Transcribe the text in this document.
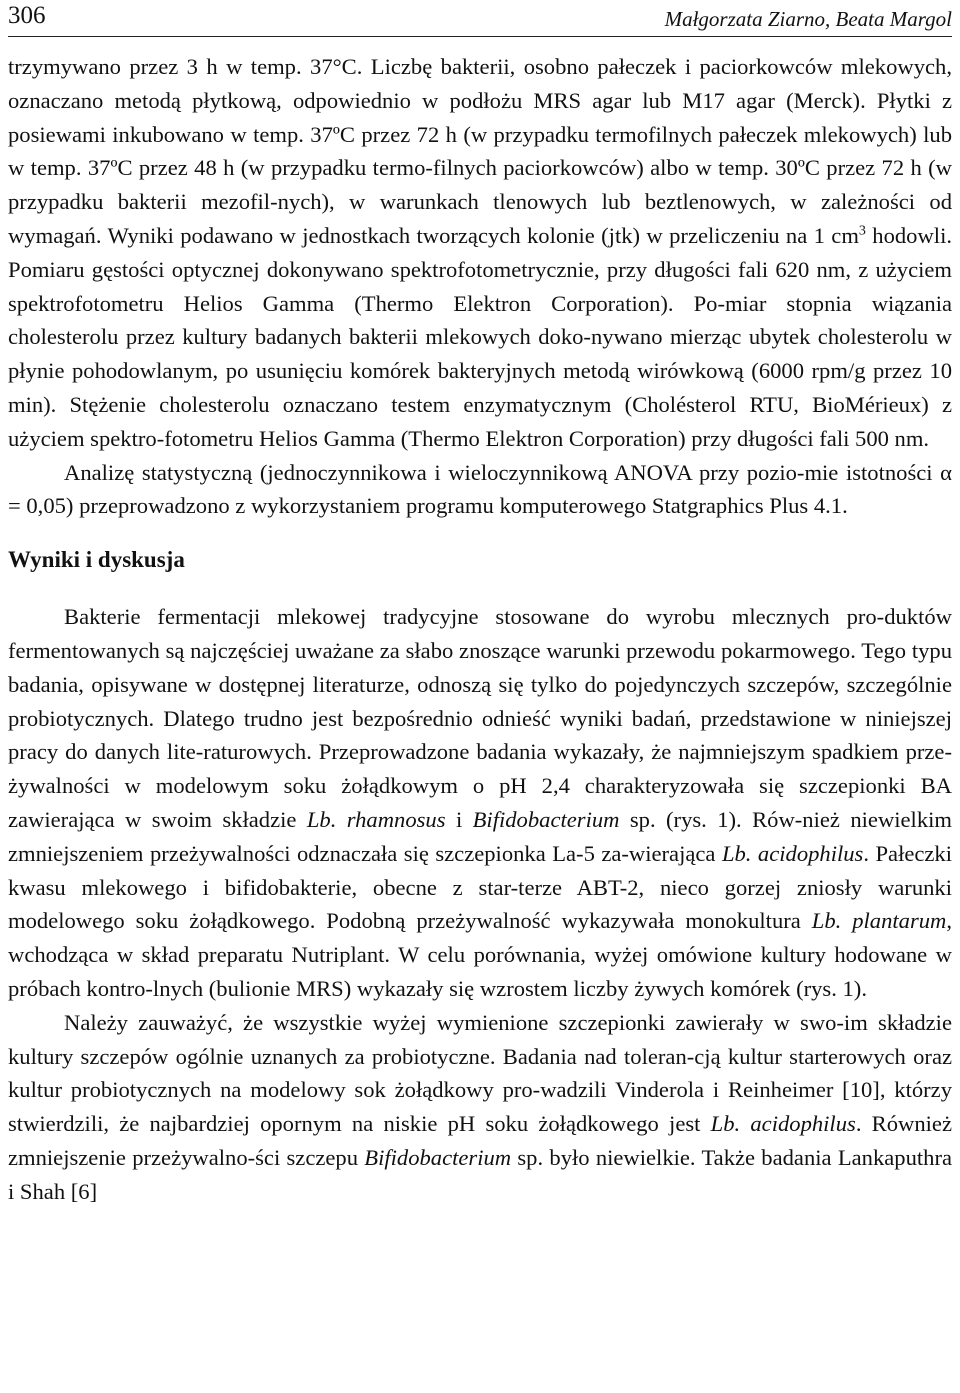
306	Małgorzata Ziarno, Beata Margol

trzymywano przez 3 h w temp. 37°C. Liczbę bakterii, osobno pałeczek i paciorkowców mlekowych, oznaczano metodą płytkową, odpowiednio w podłożu MRS agar lub M17 agar (Merck). Płytki z posiewami inkubowano w temp. 37ºC przez 72 h (w przypadku termofilnych pałeczek mlekowych) lub w temp. 37ºC przez 48 h (w przypadku termo-filnych paciorkowców) albo w temp. 30ºC przez 72 h (w przypadku bakterii mezofil-nych), w warunkach tlenowych lub beztlenowych, w zależności od wymagań. Wyniki podawano w jednostkach tworzących kolonie (jtk) w przeliczeniu na 1 $cm^3$ hodowli. Pomiaru gęstości optycznej dokonywano spektrofotometrycznie, przy długości fali 620 nm, z użyciem spektrofotometru Helios Gamma (Thermo Elektron Corporation). Po-miar stopnia wiązania cholesterolu przez kultury badanych bakterii mlekowych doko-nywano mierząc ubytek cholesterolu w płynie pohodowlanym, po usunięciu komórek bakteryjnych metodą wirówkową (6000 rpm/g przez 10 min). Stężenie cholesterolu oznaczano testem enzymatycznym (Cholésterol RTU, BioMérieux) z użyciem spektro-fotometru Helios Gamma (Thermo Elektron Corporation) przy długości fali 500 nm.

Analizę statystyczną (jednoczynnikowa i wieloczynnikową ANOVA przy pozio-mie istotności α = 0,05) przeprowadzono z wykorzystaniem programu komputerowego Statgraphics Plus 4.1.

Wyniki i dyskusja

Bakterie fermentacji mlekowej tradycyjne stosowane do wyrobu mlecznych pro-duktów fermentowanych są najczęściej uważane za słabo znoszące warunki przewodu pokarmowego. Tego typu badania, opisywane w dostępnej literaturze, odnoszą się tylko do pojedynczych szczepów, szczególnie probiotycznych. Dlatego trudno jest bezpośrednio odnieść wyniki badań, przedstawione w niniejszej pracy do danych lite-raturowych. Przeprowadzone badania wykazały, że najmniejszym spadkiem prze-żywalności w modelowym soku żołądkowym o pH 2,4 charakteryzowała się szczepionki BA zawierająca w swoim składzie Lb. rhamnosus i Bifidobacterium sp. (rys. 1). Rów-nież niewielkim zmniejszeniem przeżywalności odznaczała się szczepionka La-5 za-wierająca Lb. acidophilus. Pałeczki kwasu mlekowego i bifidobakterie, obecne z star-terze ABT-2, nieco gorzej zniosły warunki modelowego soku żołądkowego. Podobną przeżywalność wykazywała monokultura Lb. plantarum, wchodząca w skład preparatu Nutriplant. W celu porównania, wyżej omówione kultury hodowane w próbach kontro-lnych (bulionie MRS) wykazały się wzrostem liczby żywych komórek (rys. 1).

Należy zauważyć, że wszystkie wyżej wymienione szczepionki zawierały w swo-im składzie kultury szczepów ogólnie uznanych za probiotyczne. Badania nad toleran-cją kultur starterowych oraz kultur probiotycznych na modelowy sok żołądkowy pro-wadzili Vinderola i Reinheimer [10], którzy stwierdzili, że najbardziej opornym na niskie pH soku żołądkowego jest Lb. acidophilus. Również zmniejszenie przeżywalno-ści szczepu Bifidobacterium sp. było niewielkie. Także badania Lankaputhra i Shah [6]
